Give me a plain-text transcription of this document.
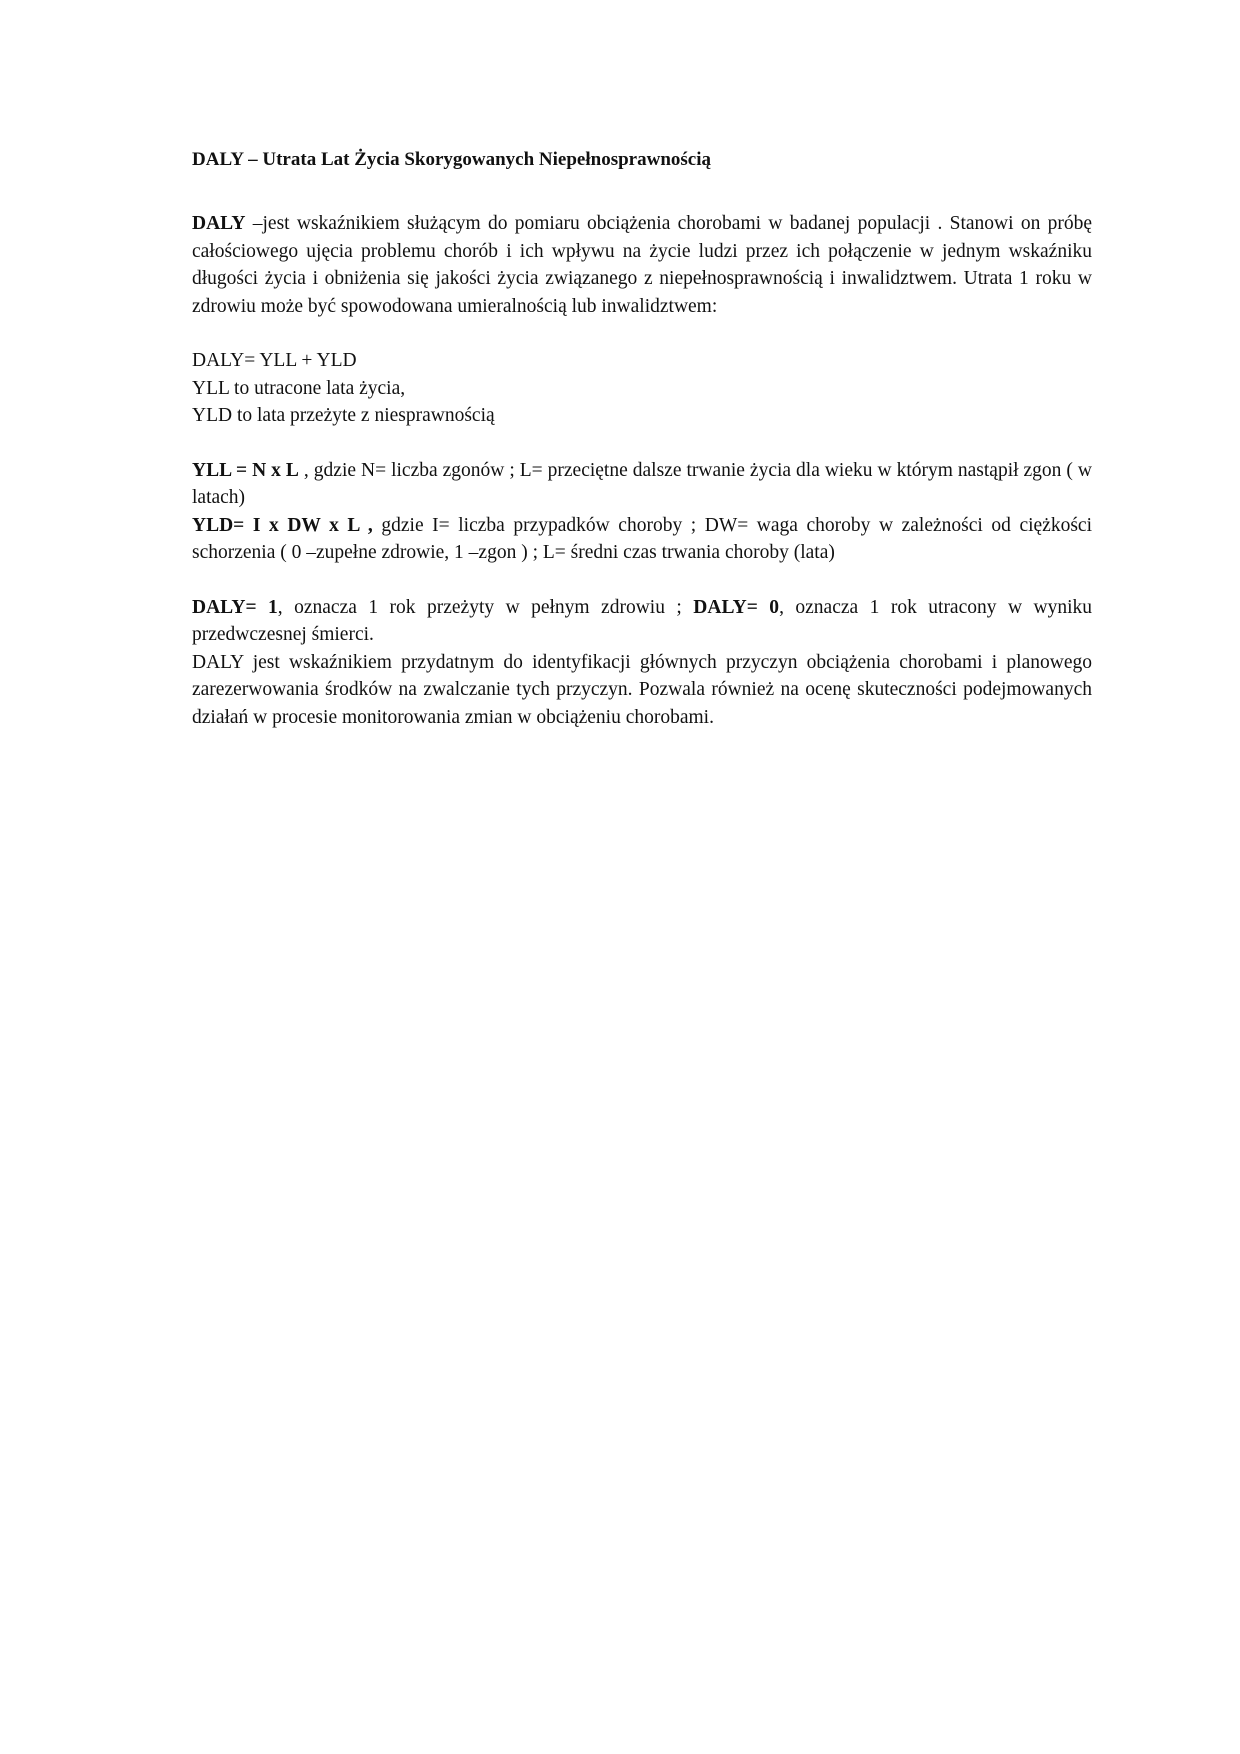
DALY – Utrata Lat Życia Skorygowanych Niepełnosprawnością

DALY –jest wskaźnikiem służącym do pomiaru obciążenia chorobami w badanej populacji . Stanowi on próbę całościowego ujęcia problemu chorób i ich wpływu na życie ludzi przez ich połączenie w jednym wskaźniku długości życia i obniżenia się jakości życia związanego z niepełnosprawnością i inwalidztwem. Utrata 1 roku w zdrowiu może być spowodowana umieralnością lub inwalidztwem:

DALY= YLL + YLD

YLL to utracone lata życia,

YLD to lata przeżyte z niesprawnością

YLL = N x L , gdzie N= liczba zgonów ; L= przeciętne dalsze trwanie życia dla wieku w którym nastąpił zgon ( w latach)

YLD= I x DW x L , gdzie I= liczba przypadków choroby ; DW= waga choroby w zależności od ciężkości schorzenia ( 0 –zupełne zdrowie, 1 –zgon ) ; L= średni czas trwania choroby (lata)

DALY= 1, oznacza 1 rok przeżyty w pełnym zdrowiu ; DALY= 0, oznacza 1 rok utracony w wyniku przedwczesnej śmierci.

DALY jest wskaźnikiem przydatnym do identyfikacji głównych przyczyn obciążenia chorobami i planowego zarezerwowania środków na zwalczanie tych przyczyn. Pozwala również na ocenę skuteczności podejmowanych działań w procesie monitorowania zmian w obciążeniu chorobami.
